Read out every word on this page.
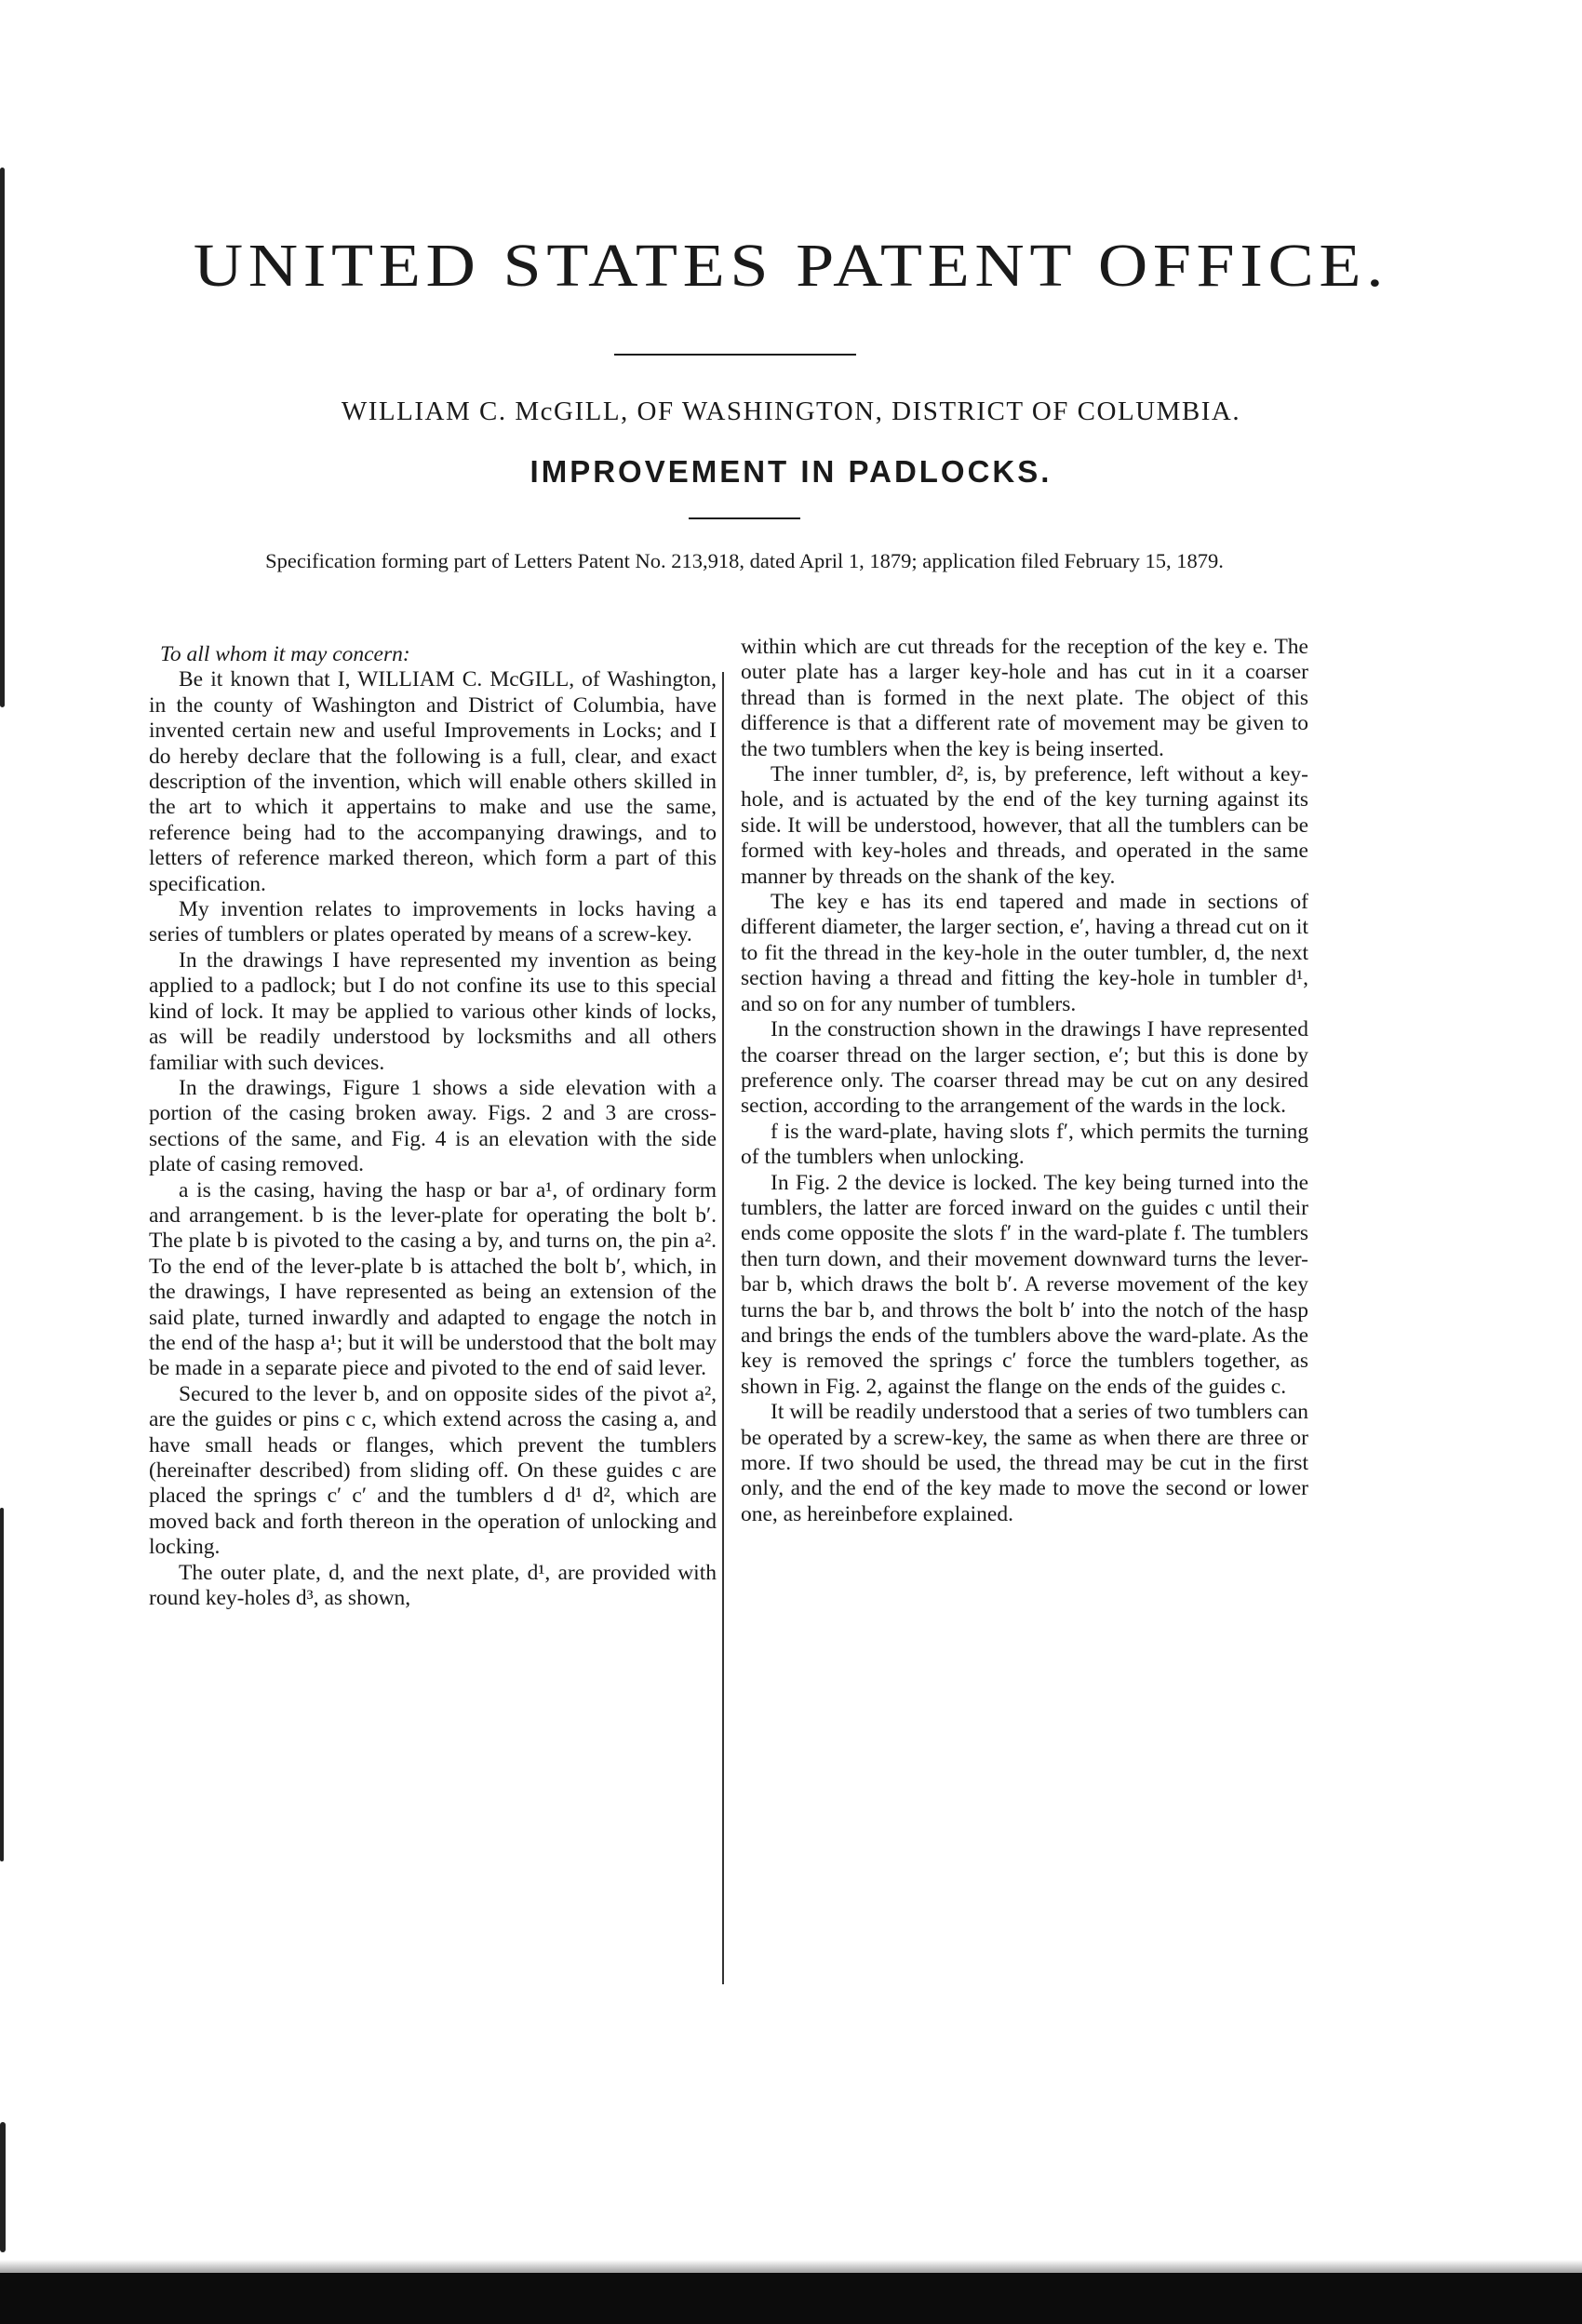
UNITED STATES PATENT OFFICE.
WILLIAM C. McGILL, OF WASHINGTON, DISTRICT OF COLUMBIA.
IMPROVEMENT IN PADLOCKS.
Specification forming part of Letters Patent No. 213,918, dated April 1, 1879; application filed February 15, 1879.

To all whom it may concern:

Be it known that I, WILLIAM C. McGILL, of Washington, in the county of Washington and District of Columbia, have invented certain new and useful Improvements in Locks; and I do hereby declare that the following is a full, clear, and exact description of the invention, which will enable others skilled in the art to which it appertains to make and use the same, reference being had to the accompanying drawings, and to letters of reference marked thereon, which form a part of this specification.

My invention relates to improvements in locks having a series of tumblers or plates operated by means of a screw-key.

In the drawings I have represented my invention as being applied to a padlock; but I do not confine its use to this special kind of lock. It may be applied to various other kinds of locks, as will be readily understood by locksmiths and all others familiar with such devices.

In the drawings, Figure 1 shows a side elevation with a portion of the casing broken away. Figs. 2 and 3 are cross-sections of the same, and Fig. 4 is an elevation with the side plate of casing removed.

a is the casing, having the hasp or bar a¹, of ordinary form and arrangement. b is the lever-plate for operating the bolt b′. The plate b is pivoted to the casing a by, and turns on, the pin a². To the end of the lever-plate b is attached the bolt b′, which, in the drawings, I have represented as being an extension of the said plate, turned inwardly and adapted to engage the notch in the end of the hasp a¹; but it will be understood that the bolt may be made in a separate piece and pivoted to the end of said lever.

Secured to the lever b, and on opposite sides of the pivot a², are the guides or pins c c, which extend across the casing a, and have small heads or flanges, which prevent the tumblers (hereinafter described) from sliding off. On these guides c are placed the springs c′ c′ and the tumblers d d¹ d², which are moved back and forth thereon in the operation of unlocking and locking.

The outer plate, d, and the next plate, d¹, are provided with round key-holes d³, as shown,

within which are cut threads for the reception of the key e. The outer plate has a larger key-hole and has cut in it a coarser thread than is formed in the next plate. The object of this difference is that a different rate of movement may be given to the two tumblers when the key is being inserted.

The inner tumbler, d², is, by preference, left without a key-hole, and is actuated by the end of the key turning against its side. It will be understood, however, that all the tumblers can be formed with key-holes and threads, and operated in the same manner by threads on the shank of the key.

The key e has its end tapered and made in sections of different diameter, the larger section, e′, having a thread cut on it to fit the thread in the key-hole in the outer tumbler, d, the next section having a thread and fitting the key-hole in tumbler d¹, and so on for any number of tumblers.

In the construction shown in the drawings I have represented the coarser thread on the larger section, e′; but this is done by preference only. The coarser thread may be cut on any desired section, according to the arrangement of the wards in the lock.

f is the ward-plate, having slots f′, which permits the turning of the tumblers when unlocking.

In Fig. 2 the device is locked. The key being turned into the tumblers, the latter are forced inward on the guides c until their ends come opposite the slots f′ in the ward-plate f. The tumblers then turn down, and their movement downward turns the lever-bar b, which draws the bolt b′. A reverse movement of the key turns the bar b, and throws the bolt b′ into the notch of the hasp and brings the ends of the tumblers above the ward-plate. As the key is removed the springs c′ force the tumblers together, as shown in Fig. 2, against the flange on the ends of the guides c.

It will be readily understood that a series of two tumblers can be operated by a screw-key, the same as when there are three or more. If two should be used, the thread may be cut in the first only, and the end of the key made to move the second or lower one, as hereinbefore explained.
